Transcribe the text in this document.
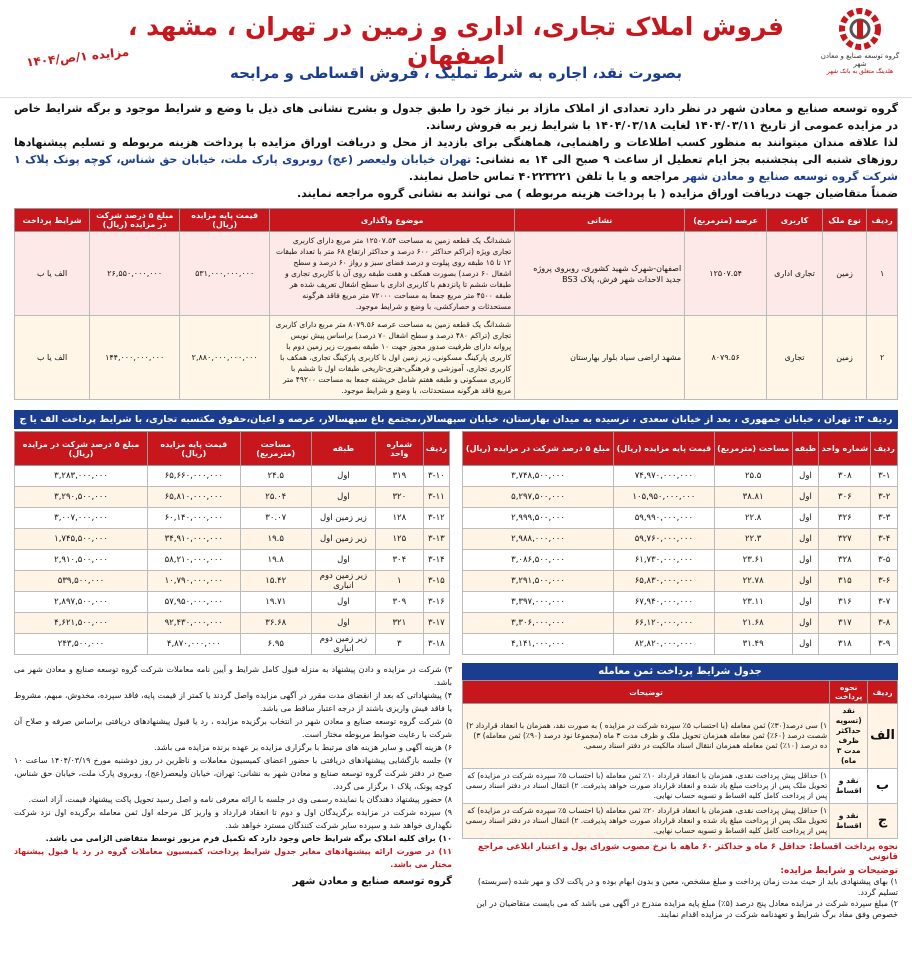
گروه توسعه صنایع و معادن شهر
هلدینگ متعلق به بانک شهر
فروش املاک تجاری، اداری و زمین در تهران ، مشهد ، اصفهان
مزایده ۱/ص/۱۴۰۴
بصورت نقد، اجاره به شرط تملیک ، فروش اقساطی و مرابحه

گروه توسعه صنایع و معادن شهر در نظر دارد تعدادی از املاک مازاد بر نیاز خود را طبق جدول و بشرح نشانی های ذیل با وضع و شرایط موجود و برگه شرایط خاص در مزایده عمومی از تاریخ ۱۴۰۴/۰۳/۱۱ لغایت ۱۴۰۴/۰۳/۱۸ با شرایط زیر به فروش رساند.

لذا علاقه مندان میتوانند به منظور کسب اطلاعات و راهنمایی، هماهنگی برای بازدید از محل و دریافت اوراق مزایده با پرداخت هزینه مربوطه و تسلیم پیشنهادها روزهای شنبه الی پنجشنبه بجز ایام تعطیل از ساعت ۹ صبح الی ۱۴ به نشانی: تهران خیابان ولیعصر (عج) روبروی پارک ملت، خیابان حق شناس، کوچه پونک پلاک ۱ شرکت گروه توسعه صنایع و معادن شهر مراجعه و یا با تلفن ۴۰۲۲۳۲۲۱ تماس حاصل نمایند.

ضمناً متقاضیان جهت دریافت اوراق مزایده ( با پرداخت هزینه مربوطه ) می توانند به نشانی گروه مراجعه نمایند.

ردیف	نوع ملک	کاربری	عرصه (مترمربع)	نشانی	موضوع واگذاری	قیمت پایه مزایده (ریال)	مبلغ ۵ درصد شرکت در مزایده (ریال)	شرایط پرداخت
۱	زمین	تجاری اداری	۱۲۵۰۷.۵۴	اصفهان-شهرک شهید کشوری، روبروی پروژه جدید الاحداث شهر فرش، پلاک BS3	ششدانگ یک قطعه زمین به مساحت ۱۲۵۰۷.۵۴ متر مربع دارای کاربری تجاری ویژه (تراکم حداکثر ۶۰۰ درصد و حداکثر ارتفاع ۶۸ متر با تعداد طبقات ۱۲ تا ۱۵ طبقه روی پیلوت و درصد فضای سبز و رواز ۶۰ درصد و سطح اشغال ۶۰ درصد) بصورت همکف و هفت طبقه روی آن با کاربری تجاری و طبقات ششم تا پانزدهم با کاربری اداری با سطح اشغال تعریف شده هر طبقه ۴۵۰۰ متر مربع جمعا به مساحت ۷۲۰۰۰ متر مربع فاقد هرگونه مستحدثات و حصارکشی، با وضع و شرایط موجود.	۵۳۱,۰۰۰,۰۰۰,۰۰۰	۲۶,۵۵۰,۰۰۰,۰۰۰	الف یا ب
۲	زمین	تجاری	۸۰۷۹.۵۶	مشهد اراضی سیاد بلوار بهارستان	ششدانگ یک قطعه زمین به مساحت عرصه ۸۰۷۹.۵۶ متر مربع دارای کاربری تجاری (تراکم ۴۸۰ درصد و سطح اشغال ۷۰ درصد) براساس پیش نویس پروانه دارای ظرفیت صدور مجوز جهت ۱۰ طبقه بصورت زیر زمین دوم با کاربری پارکینگ مسکونی، زیر زمین اول با کاربری پارکینگ تجاری، همکف با کاربری تجاری، آموزشی و فرهنگی-هنری-تاریخی طبقات اول تا ششم با کاربری مسکونی و طبقه هفتم شامل خرپشته جمعا به مساحت ۴۹۲۰۰ متر مربع فاقد هرگونه مستحدثات، با وضع و شرایط موجود.	۲,۸۸۰,۰۰۰,۰۰۰,۰۰۰	۱۴۴,۰۰۰,۰۰۰,۰۰۰	الف یا ب
ردیف ۳: تهران ، خیابان جمهوری ، بعد از خیابان سعدی ، نرسیده به میدان بهارستان، خیابان سپهسالار،مجتمع باغ سپهسالار، عرصه و اعیان،حقوق مکتسبه تجاری، با شرایط پرداخت الف یا ج
ردیف	شماره واحد	طبقه	مساحت (مترمربع)	قیمت پایه مزایده (ریال)	مبلغ ۵ درصد شرکت در مزایده (ریال)
۳-۱	۳۰۸	اول	۲۵.۵	۷۴,۹۷۰,۰۰۰,۰۰۰	۳,۷۴۸,۵۰۰,۰۰۰
۳-۲	۳۰۶	اول	۳۸.۸۱	۱۰۵,۹۵۰,۰۰۰,۰۰۰	۵,۲۹۷,۵۰۰,۰۰۰
۳-۳	۳۲۶	اول	۲۲.۸	۵۹,۹۹۰,۰۰۰,۰۰۰	۲,۹۹۹,۵۰۰,۰۰۰
۳-۴	۳۲۷	اول	۲۲.۳	۵۹,۷۶۰,۰۰۰,۰۰۰	۲,۹۸۸,۰۰۰,۰۰۰
۳-۵	۳۲۸	اول	۲۳.۶۱	۶۱,۷۳۰,۰۰۰,۰۰۰	۳,۰۸۶,۵۰۰,۰۰۰
۳-۶	۳۱۵	اول	۲۲.۷۸	۶۵,۸۳۰,۰۰۰,۰۰۰	۳,۲۹۱,۵۰۰,۰۰۰
۳-۷	۳۱۶	اول	۲۳.۱۱	۶۷,۹۴۰,۰۰۰,۰۰۰	۳,۳۹۷,۰۰۰,۰۰۰
۳-۸	۳۱۷	اول	۲۱.۶۸	۶۶,۱۲۰,۰۰۰,۰۰۰	۳,۳۰۶,۰۰۰,۰۰۰
۳-۹	۳۱۸	اول	۳۱.۴۹	۸۲,۸۲۰,۰۰۰,۰۰۰	۴,۱۴۱,۰۰۰,۰۰۰
ردیف	شماره واحد	طبقه	مساحت (مترمربع)	قیمت پایه مزایده (ریال)	مبلغ ۵ درصد شرکت در مزایده (ریال)
۳-۱۰	۳۱۹	اول	۲۴.۵	۶۵,۶۶۰,۰۰۰,۰۰۰	۳,۲۸۳,۰۰۰,۰۰۰
۳-۱۱	۳۲۰	اول	۲۵.۰۴	۶۵,۸۱۰,۰۰۰,۰۰۰	۳,۲۹۰,۵۰۰,۰۰۰
۳-۱۲	۱۲۸	زیر زمین اول	۳۰.۰۷	۶۰,۱۴۰,۰۰۰,۰۰۰	۳,۰۰۷,۰۰۰,۰۰۰
۳-۱۳	۱۲۵	زیر زمین اول	۱۹.۵	۳۴,۹۱۰,۰۰۰,۰۰۰	۱,۷۴۵,۵۰۰,۰۰۰
۳-۱۴	۳۰۴	اول	۱۹.۸	۵۸,۲۱۰,۰۰۰,۰۰۰	۲,۹۱۰,۵۰۰,۰۰۰
۳-۱۵	۱	زیر زمین دوم انباری	۱۵.۴۲	۱۰,۷۹۰,۰۰۰,۰۰۰	۵۳۹,۵۰۰,۰۰۰
۳-۱۶	۳۰۹	اول	۱۹.۷۱	۵۷,۹۵۰,۰۰۰,۰۰۰	۲,۸۹۷,۵۰۰,۰۰۰
۳-۱۷	۳۲۱	اول	۳۶.۶۸	۹۲,۴۳۰,۰۰۰,۰۰۰	۴,۶۲۱,۵۰۰,۰۰۰
۳-۱۸	۳	زیر زمین دوم انباری	۶.۹۵	۴,۸۷۰,۰۰۰,۰۰۰	۲۴۳,۵۰۰,۰۰۰
جدول شرایط پرداخت ثمن معامله
ردیف	نحوه پرداخت	توضیحات
الف	نقد (تسویه حداکثر ظرف مدت ۳ ماه)	۱) سی درصد(۳۰٪) ثمن معامله (با احتساب ۵٪ سپرده شرکت در مزایده ) به صورت نقد، همزمان با انعقاد قرارداد ۲) شصت درصد (۶۰٪) ثمن معامله همزمان تحویل ملک و ظرف مدت ۳ ماه (مجموعا نود درصد (۹۰٪) ثمن معامله) ۳) ده درصد (۱۰٪) ثمن معامله همزمان انتقال اسناد مالکیت در دفتر اسناد رسمی.
ب	نقد و اقساط	۱) حداقل پیش پرداخت نقدی، همزمان با انعقاد قرارداد ۱۰٪ ثمن معامله (با احتساب ۵٪ سپرده شرکت در مزایده) که تحویل ملک پس از پرداخت مبلغ یاد شده و انعقاد قرارداد صورت خواهد پذیرفت. ۲) انتقال اسناد در دفتر اسناد رسمی پس از پرداخت کامل کلیه اقساط و تسویه حساب نهایی.
ج	نقد و اقساط	۱) حداقل پیش پرداخت نقدی، همزمان با انعقاد قرارداد ۲۰٪ ثمن معامله (با احتساب ۵٪ سپرده شرکت در مزایده) که تحویل ملک پس از پرداخت مبلغ یاد شده و انعقاد قرارداد صورت خواهد پذیرفت. ۲) انتقال اسناد در دفتر اسناد رسمی پس از پرداخت کامل کلیه اقساط و تسویه حساب نهایی.
نحوه پرداخت اقساط: حداقل ۶ ماه و حداکثر ۶۰ ماهه با نرخ مصوب شورای پول و اعتبار ابلاغی مراجع قانونی
توضیحات و شرایط مزایده:

۱) بهای پیشنهادی باید از حیث مدت زمان پرداخت و مبلغ مشخص، معین و بدون ابهام بوده و در پاکت لاک و مهر شده (سربسته) تسلیم گردد.

۲) مبلغ سپرده شرکت در مزایده معادل پنج درصد (۵٪) مبلغ پایه مزایده مندرج در آگهی می باشد که می بایست متقاضیان در این خصوص وفق مفاد برگ شرایط و تعهدنامه شرکت در مزایده اقدام نمایند.

۳) شرکت در مزایده و دادن پیشنهاد به منزله قبول کامل شرایط و آیین نامه معاملات شرکت گروه توسعه صنایع و معادن شهر می باشد.

۴) پیشنهاداتی که بعد از انقضای مدت مقرر در آگهی مزایده واصل گردند یا کمتر از قیمت پایه، فاقد سپرده، مخدوش، مبهم، مشروط یا فاقد فیش واریزی باشند از درجه اعتبار ساقط می باشد.

۵) شرکت گروه توسعه صنایع و معادن شهر در انتخاب برگزیده مزایده ، رد یا قبول پیشنهادهای دریافتی براساس صرفه و صلاح آن شرکت با رعایت ضوابط مربوطه مختار است.

۶) هزینه آگهی و سایر هزینه های مرتبط با برگزاری مزایده بر عهده برنده مزایده می باشد.

۷) جلسه بازگشایی پیشنهادهای دریافتی با حضور اعضای کمیسیون معاملات و ناظرین در روز دوشنبه مورخ ۱۴۰۴/۰۳/۱۹ ساعت ۱۰ صبح در دفتر شرکت گروه توسعه صنایع و معادن شهر به نشانی: تهران، خیابان ولیعصر(عج)، روبروی پارک ملت، خیابان حق شناس، کوچه پونک، پلاک ۱ برگزار می گردد.

۸) حضور پیشنهاد دهندگان یا نماینده رسمی وی در جلسه با ارائه معرفی نامه و اصل رسید تحویل پاکت پیشنهاد قیمت، آزاد است.

۹) سپرده شرکت در مزایده برگزیدگان اول و دوم تا انعقاد قرارداد و واریز کل مرحله اول ثمن معامله برگزیده اول نزد شرکت نگهداری خواهد شد و سپرده سایر شرکت کنندگان مسترد خواهد شد.

۱۰) برای کلیه املاک برگه شرایط خاص وجود دارد که تکمیل فرم مزبور توسط متقاضی الزامی می باشد.

۱۱) در صورت ارائه پیشنهادهای مغایر جدول شرایط پرداخت، کمیسیون معاملات گروه در رد یا قبول پیشنهاد مختار می باشد.

گروه توسعه صنایع و معادن شهر
